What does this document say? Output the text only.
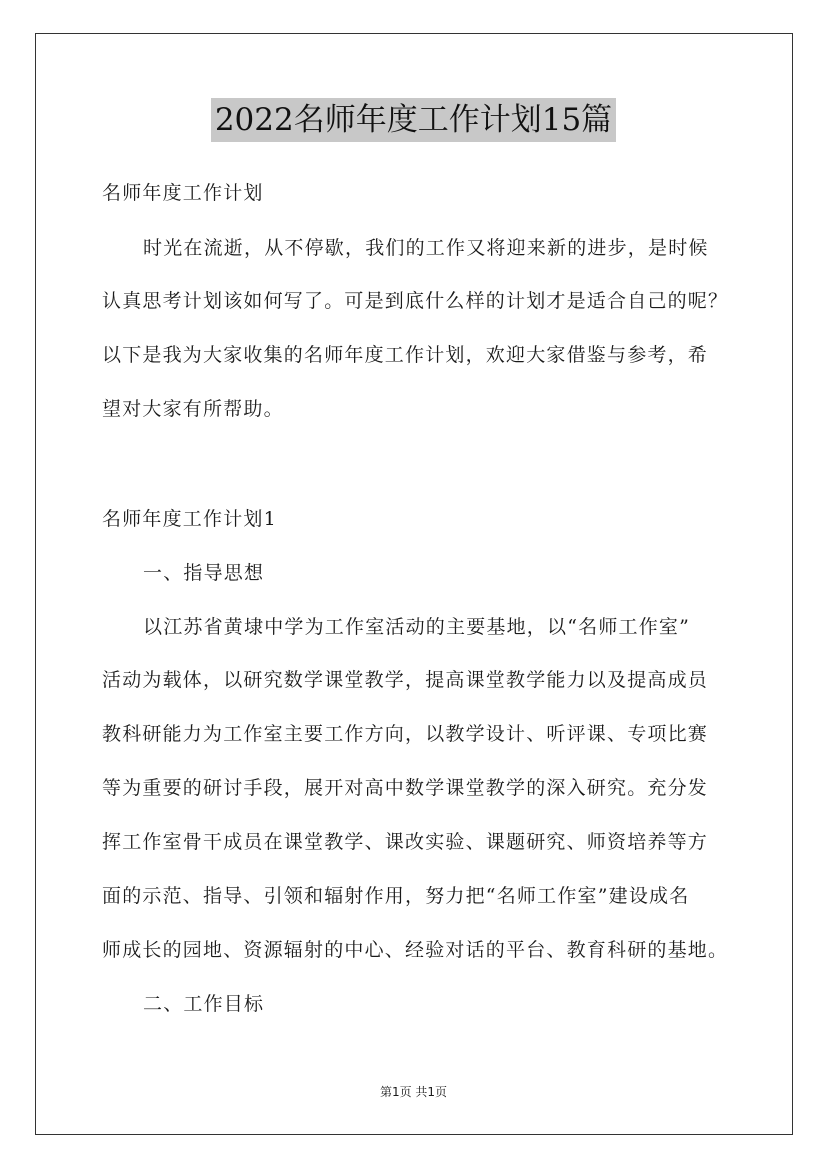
2022名师年度工作计划15篇
名师年度工作计划
时光在流逝，从不停歇，我们的工作又将迎来新的进步，是时候
认真思考计划该如何写了。可是到底什么样的计划才是适合自己的呢？
以下是我为大家收集的名师年度工作计划，欢迎大家借鉴与参考，希
望对大家有所帮助。
名师年度工作计划1
一、指导思想
以江苏省黄埭中学为工作室活动的主要基地，以“名师工作室”
活动为载体，以研究数学课堂教学，提高课堂教学能力以及提高成员
教科研能力为工作室主要工作方向，以教学设计、听评课、专项比赛
等为重要的研讨手段，展开对高中数学课堂教学的深入研究。充分发
挥工作室骨干成员在课堂教学、课改实验、课题研究、师资培养等方
面的示范、指导、引领和辐射作用，努力把“名师工作室”建设成名
师成长的园地、资源辐射的中心、经验对话的平台、教育科研的基地。
二、工作目标
第1页 共1页
